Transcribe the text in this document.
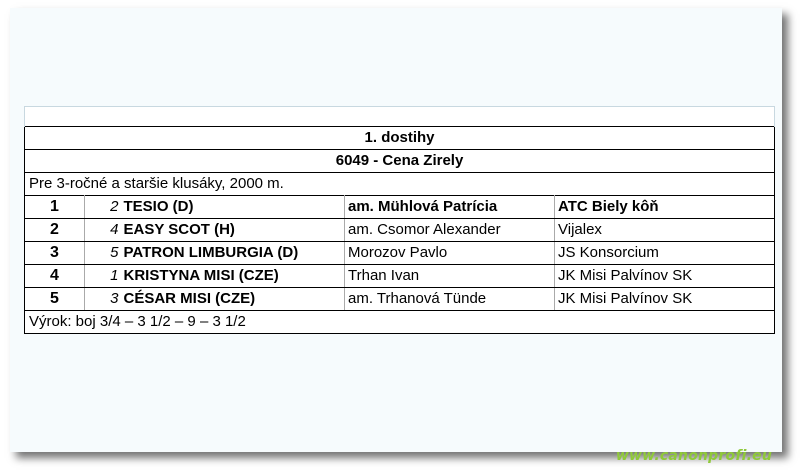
1. dostihy				
6049 - Cena Zirely				
Pre 3-ročné a staršie klusáky, 2000 m.				
1	2	TESIO (D)	am. Mühlová Patrícia	ATC Biely kôň
2	4	EASY SCOT (H)	am. Csomor Alexander	Vijalex
3	5	PATRON LIMBURGIA (D)	Morozov Pavlo	JS Konsorcium
4	1	KRISTYNA MISI (CZE)	Trhan Ivan	JK Misi Palvínov SK
5	3	CÉSAR MISI (CZE)	am. Trhanová Tünde	JK Misi Palvínov SK
Výrok: boj 3/4 – 3 1/2 – 9 – 3 1/2				
www.canonprofi.eu
